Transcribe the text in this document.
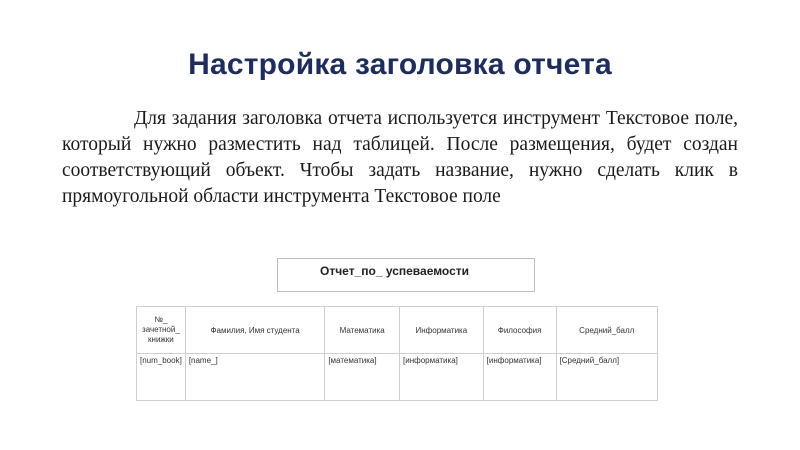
Настройка заголовка отчета

Для задания заголовка отчета используется инструмент Текстовое поле, который нужно разместить над таблицей. После размещения, будет создан соответствующий объект. Чтобы задать название, нужно сделать клик в прямоугольной области инструмента Текстовое поле

Отчет_по_ успеваемости
№_
зачетной_
книжки	Фамилия, Имя студента	Математика	Информатика	Философия	Средний_балл
[num_book]	[name_]	[математика]	[информатика]	[информатика]	[Средний_балл]
